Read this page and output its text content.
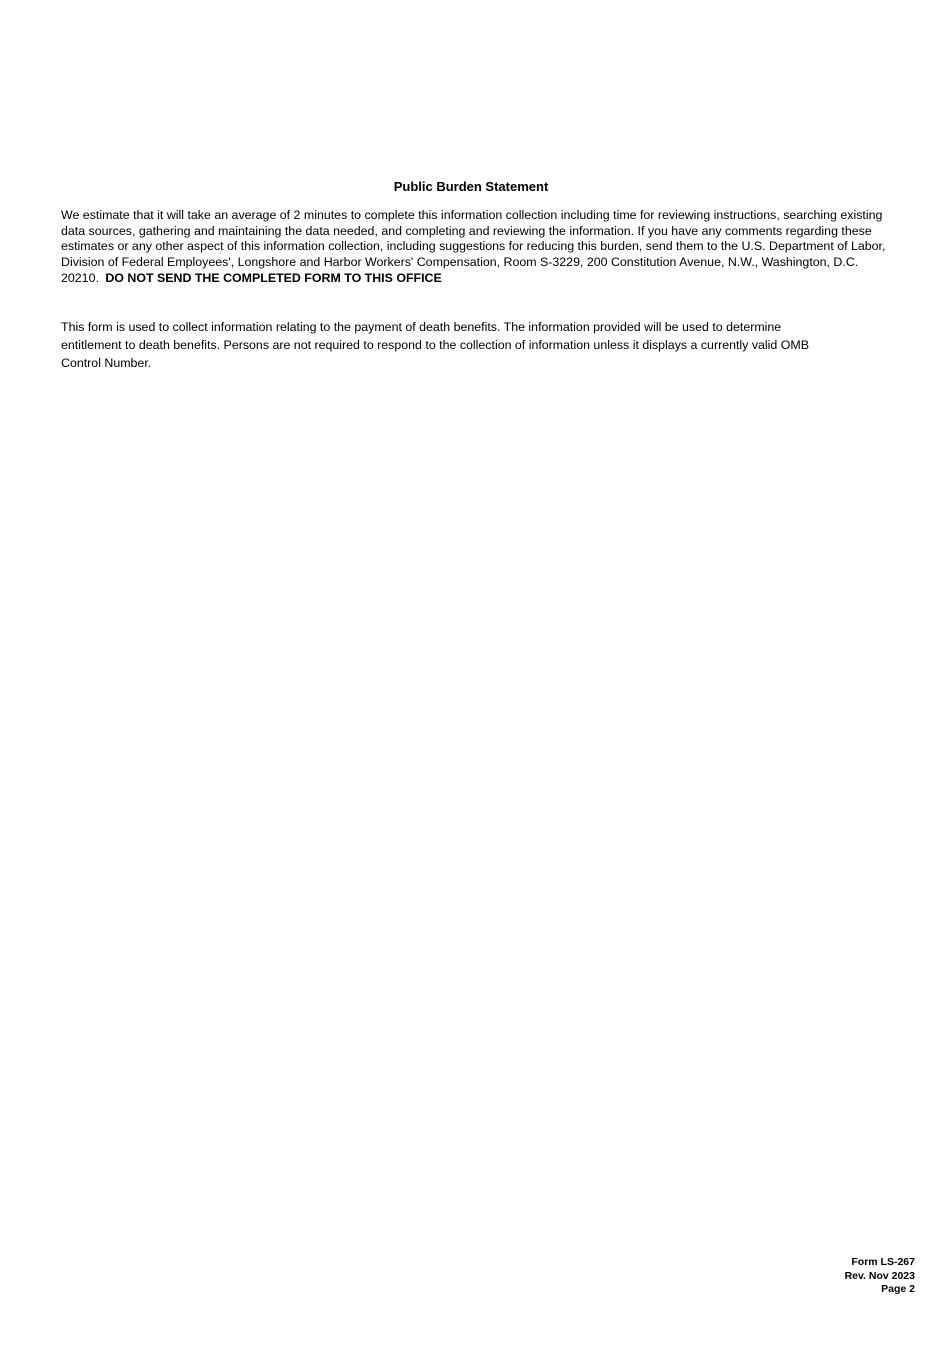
Public Burden Statement
We estimate that it will take an average of 2 minutes to complete this information collection including time for reviewing instructions, searching existing data sources, gathering and maintaining the data needed, and completing and reviewing the information. If you have any comments regarding these estimates or any other aspect of this information collection, including suggestions for reducing this burden, send them to the U.S. Department of Labor, Division of Federal Employees', Longshore and Harbor Workers' Compensation, Room S-3229, 200 Constitution Avenue, N.W., Washington, D.C. 20210. DO NOT SEND THE COMPLETED FORM TO THIS OFFICE
This form is used to collect information relating to the payment of death benefits. The information provided will be used to determine entitlement to death benefits. Persons are not required to respond to the collection of information unless it displays a currently valid OMB Control Number.
Form LS-267
Rev. Nov 2023
Page 2
